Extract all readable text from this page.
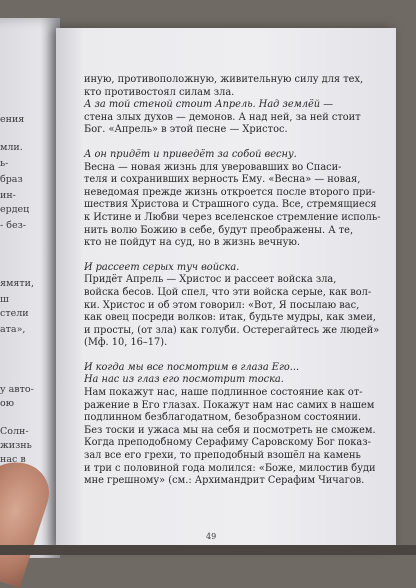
ения
мли.
ь-
браз
ин-
ердец
- без-
ямяти,
ш
стели
ата»,
у авто-
ою
Солн-
жизнь
нас в
иную, противоположную, живительную силу для тех,
кто противостоял силам зла.
А за той стеной стоит Апрель. Над землёй —
стена злых духов — демонов. А над ней, за ней стоит
Бог. «Апрель» в этой песне — Христос.
А он придёт и приведёт за собой весну.
Весна — новая жизнь для уверовавших во Спаси-
теля и сохранивших верность Ему. «Весна» — новая,
неведомая прежде жизнь откроется после второго при-
шествия Христова и Страшного суда. Все, стремящиеся
к Истине и Любви через вселенское стремление исполь-
нить волю Божию в себе, будут преображены. А те,
кто не пойдут на суд, но в жизнь вечную.
И рассеет серых туч войска.
Придёт Апрель — Христос и рассеет войска зла,
войска бесов. Цой спел, что эти войска серые, как вол-
ки. Христос и об этом говорил: «Вот, Я посылаю вас,
как овец посреди волков: итак, будьте мудры, как змеи,
и просты, (от зла) как голуби. Остерегайтесь же людей»
(Мф. 10, 16–17).
И когда мы все посмотрим в глаза Его...
На нас из глаз его посмотрит тоска.
Нам покажут нас, наше подлинное состояние как от-
ражение в Его глазах. Покажут нам нас самих в нашем
подлинном безблагодатном, безобразном состоянии.
Без тоски и ужаса мы на себя и посмотреть не сможем.
Когда преподобному Серафиму Саровскому Бог показ-
зал все его грехи, то преподобный взошёл на камень
и три с половиной года молился: «Боже, милостив буди
мне грешному» (см.: Архимандрит Серафим Чичагов.
49
